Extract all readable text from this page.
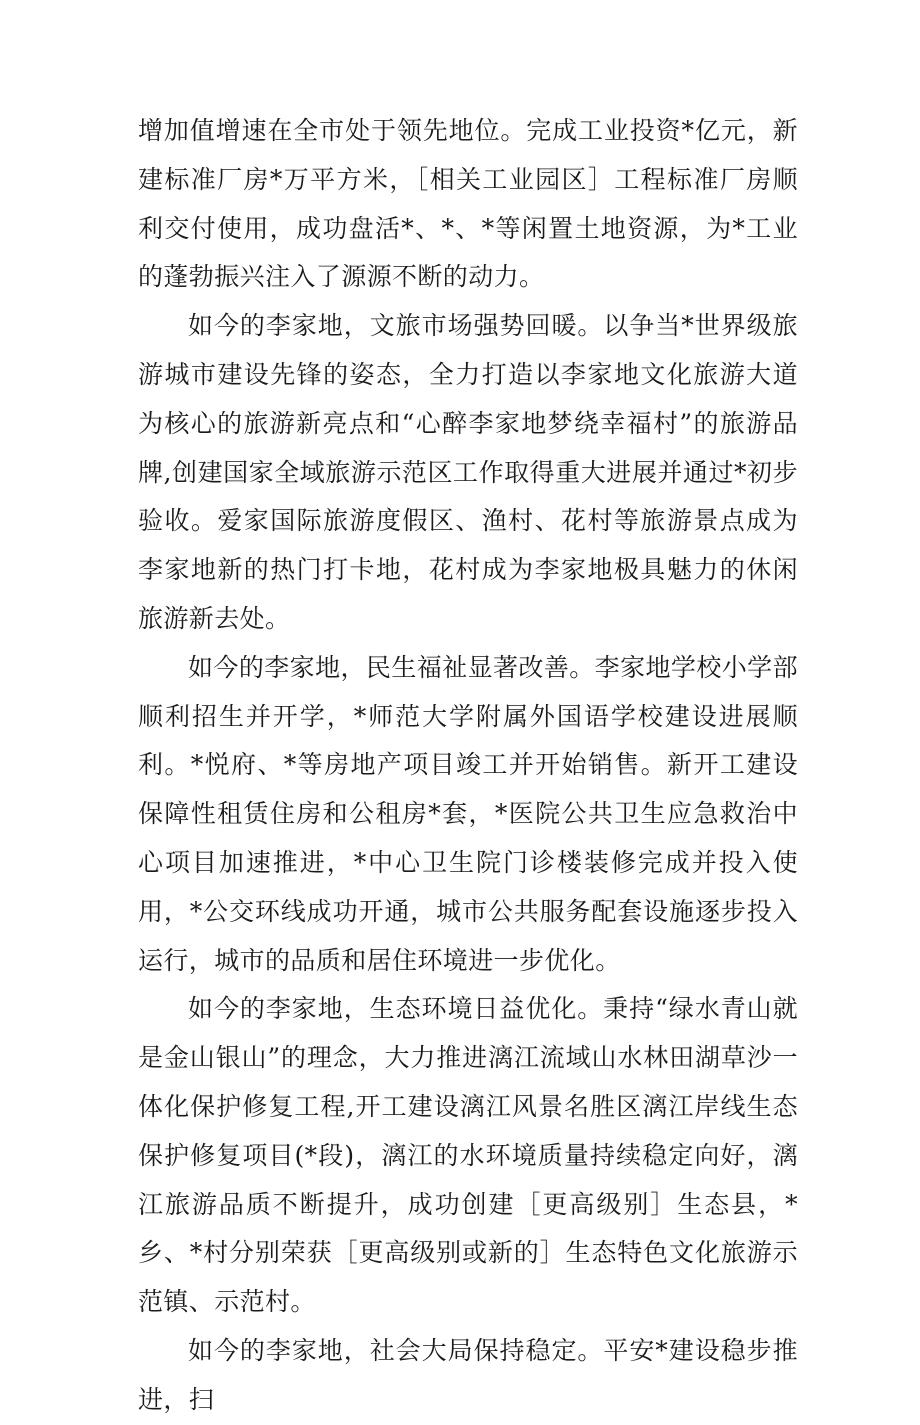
增加值增速在全市处于领先地位。完成工业投资*亿元，新建标准厂房*万平方米，［相关工业园区］工程标准厂房顺利交付使用，成功盘活*、*、*等闲置土地资源，为*工业的蓬勃振兴注入了源源不断的动力。

如今的李家地，文旅市场强势回暖。以争当*世界级旅游城市建设先锋的姿态，全力打造以李家地文化旅游大道为核心的旅游新亮点和“心醉李家地梦绕幸福村”的旅游品牌,创建国家全域旅游示范区工作取得重大进展并通过*初步验收。爱家国际旅游度假区、渔村、花村等旅游景点成为李家地新的热门打卡地，花村成为李家地极具魅力的休闲旅游新去处。

如今的李家地，民生福祉显著改善。李家地学校小学部顺利招生并开学，*师范大学附属外国语学校建设进展顺利。*悦府、*等房地产项目竣工并开始销售。新开工建设保障性租赁住房和公租房*套，*医院公共卫生应急救治中心项目加速推进，*中心卫生院门诊楼装修完成并投入使用，*公交环线成功开通，城市公共服务配套设施逐步投入运行，城市的品质和居住环境进一步优化。

如今的李家地，生态环境日益优化。秉持“绿水青山就是金山银山”的理念，大力推进漓江流域山水林田湖草沙一体化保护修复工程,开工建设漓江风景名胜区漓江岸线生态保护修复项目(*段)，漓江的水环境质量持续稳定向好，漓江旅游品质不断提升，成功创建［更高级别］生态县，*乡、*村分别荣获［更高级别或新的］生态特色文化旅游示范镇、示范村。

如今的李家地，社会大局保持稳定。平安*建设稳步推进，扫
